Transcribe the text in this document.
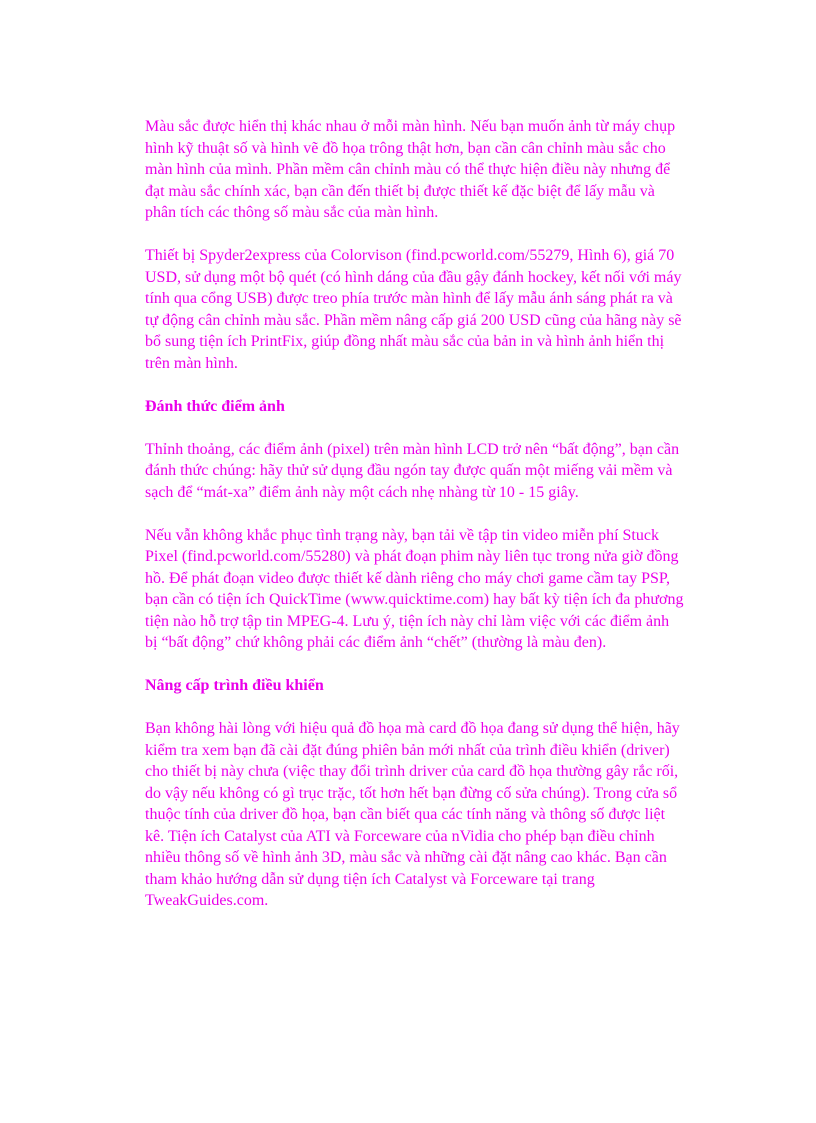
Màu sắc được hiển thị khác nhau ở mỗi màn hình. Nếu bạn muốn ảnh từ máy chụp hình kỹ thuật số và hình vẽ đồ họa trông thật hơn, bạn cần cân chỉnh màu sắc cho màn hình của mình. Phần mềm cân chỉnh màu có thể thực hiện điều này nhưng để đạt màu sắc chính xác, bạn cần đến thiết bị được thiết kế đặc biệt để lấy mẫu và phân tích các thông số màu sắc của màn hình.

Thiết bị Spyder2express của Colorvison (find.pcworld.com/55279, Hình 6), giá 70 USD, sử dụng một bộ quét (có hình dáng của đầu gậy đánh hockey, kết nối với máy tính qua cổng USB) được treo phía trước màn hình để lấy mẫu ánh sáng phát ra và tự động cân chỉnh màu sắc. Phần mềm nâng cấp giá 200 USD cũng của hãng này sẽ bổ sung tiện ích PrintFix, giúp đồng nhất màu sắc của bản in và hình ảnh hiển thị trên màn hình.

Đánh thức điểm ảnh

Thỉnh thoảng, các điểm ảnh (pixel) trên màn hình LCD trở nên “bất động”, bạn cần đánh thức chúng: hãy thử sử dụng đầu ngón tay được quấn một miếng vải mềm và sạch để “mát-xa” điểm ảnh này một cách nhẹ nhàng từ 10 - 15 giây.

Nếu vẫn không khắc phục tình trạng này, bạn tải về tập tin video miễn phí Stuck Pixel (find.pcworld.com/55280) và phát đoạn phim này liên tục trong nửa giờ đồng hồ. Để phát đoạn video được thiết kế dành riêng cho máy chơi game cầm tay PSP, bạn cần có tiện ích QuickTime (www.quicktime.com) hay bất kỳ tiện ích đa phương tiện nào hỗ trợ tập tin MPEG-4. Lưu ý, tiện ích này chỉ làm việc với các điểm ảnh bị “bất động” chứ không phải các điểm ảnh “chết” (thường là màu đen).

Nâng cấp trình điều khiển

Bạn không hài lòng với hiệu quả đồ họa mà card đồ họa đang sử dụng thể hiện, hãy kiểm tra xem bạn đã cài đặt đúng phiên bản mới nhất của trình điều khiển (driver) cho thiết bị này chưa (việc thay đổi trình driver của card đồ họa thường gây rắc rối, do vậy nếu không có gì trục trặc, tốt hơn hết bạn đừng cố sửa chúng). Trong cửa sổ thuộc tính của driver đồ họa, bạn cần biết qua các tính năng và thông số được liệt kê. Tiện ích Catalyst của ATI và Forceware của nVidia cho phép bạn điều chỉnh nhiều thông số về hình ảnh 3D, màu sắc và những cài đặt nâng cao khác. Bạn cần tham khảo hướng dẫn sử dụng tiện ích Catalyst và Forceware tại trang TweakGuides.com.
